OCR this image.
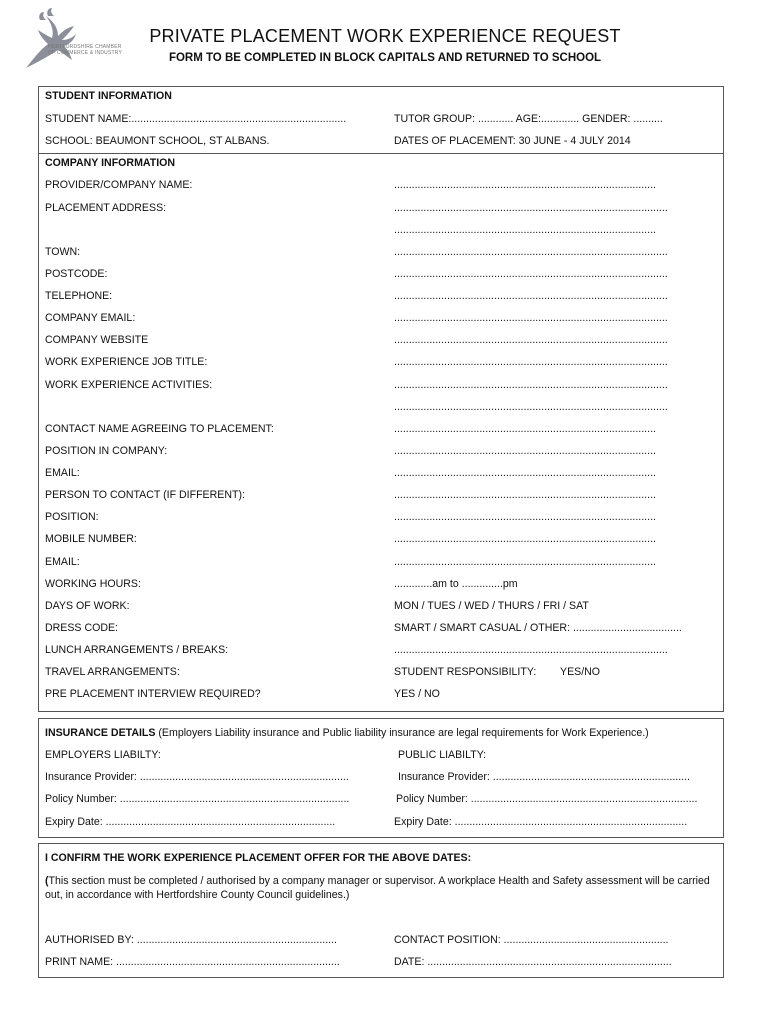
HERTFORDSHIRE CHAMBER
OF COMMERCE & INDUSTRY
PRIVATE PLACEMENT WORK EXPERIENCE REQUEST
FORM TO BE COMPLETED IN BLOCK CAPITALS AND RETURNED TO SCHOOL
STUDENT INFORMATION
STUDENT NAME:.........................................................................	TUTOR GROUP: ............ AGE:............. GENDER: ..........
SCHOOL: BEAUMONT SCHOOL, ST ALBANS.	DATES OF PLACEMENT: 30 JUNE - 4 JULY 2014
COMPANY INFORMATION
PROVIDER/COMPANY NAME:	.........................................................................................
PLACEMENT ADDRESS:	.............................................................................................
.........................................................................................
TOWN:	.............................................................................................
POSTCODE:	.............................................................................................
TELEPHONE:	.............................................................................................
COMPANY EMAIL:	.............................................................................................
COMPANY WEBSITE	.............................................................................................
WORK EXPERIENCE JOB TITLE:	.............................................................................................
WORK EXPERIENCE ACTIVITIES:	.............................................................................................
.............................................................................................
CONTACT NAME AGREEING TO PLACEMENT:	.........................................................................................
POSITION IN COMPANY:	.........................................................................................
EMAIL:	.........................................................................................
PERSON TO CONTACT (IF DIFFERENT):	.........................................................................................
POSITION:	.........................................................................................
MOBILE NUMBER:	.........................................................................................
EMAIL:	.........................................................................................
WORKING HOURS:	.............am to ..............pm
DAYS OF WORK:	MON / TUES / WED / THURS / FRI / SAT
DRESS CODE:	SMART / SMART CASUAL / OTHER: .....................................
LUNCH ARRANGEMENTS / BREAKS:	.............................................................................................
TRAVEL ARRANGEMENTS:	STUDENT RESPONSIBILITY: YES/NO
PRE PLACEMENT INTERVIEW REQUIRED?	YES / NO
INSURANCE DETAILS (Employers Liability insurance and Public liability insurance are legal requirements for Work Experience.)
EMPLOYERS LIABILTY:	PUBLIC LIABILTY:
Insurance Provider: .......................................................................	Insurance Provider: ...................................................................
Policy Number: ..............................................................................	Policy Number: .............................................................................
Expiry Date: ..............................................................................	Expiry Date: ...............................................................................
I CONFIRM THE WORK EXPERIENCE PLACEMENT OFFER FOR THE ABOVE DATES:
(This section must be completed / authorised by a company manager or supervisor. A workplace Health and Safety assessment will be carried out, in accordance with Hertfordshire County Council guidelines.)
AUTHORISED BY: ....................................................................	CONTACT POSITION: ........................................................
PRINT NAME: ............................................................................	DATE: ...................................................................................
